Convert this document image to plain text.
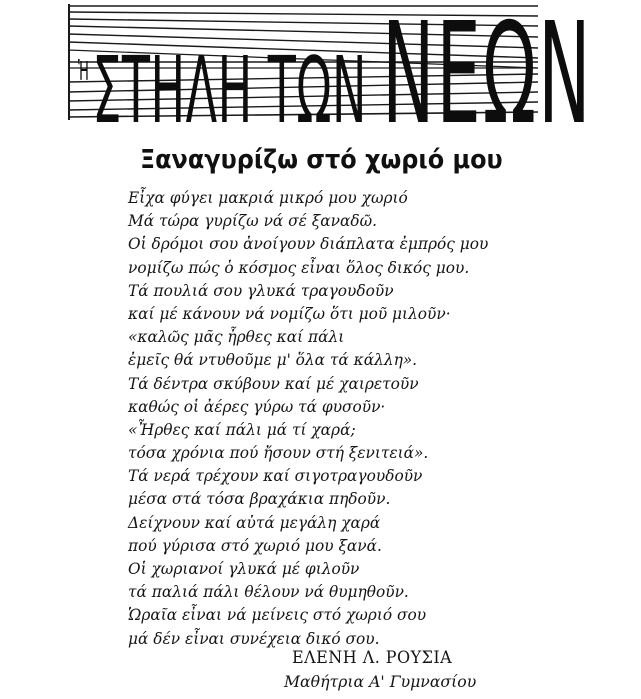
$^Ἡ$ΣΤΗΛΗ ΤΩΝ ΝΕΩΝ
Ξαναγυρίζω στό χωριό μου
Εἶχα φύγει μακριά μικρό μου χωριό
Μά τώρα γυρίζω νά σέ ξαναδῶ.
Οἱ δρόμοι σου ἀνοίγουν διάπλατα ἐμπρός μου
νομίζω πώς ὁ κόσμος εἶναι ὅλος δικός μου.
Τά πουλιά σου γλυκά τραγουδοῦν
καί μέ κάνουν νά νομίζω ὅτι μοῦ μιλοῦν·
«καλῶς μᾶς ἦρθες καί πάλι
ἐμεῖς θά ντυθοῦμε μ' ὅλα τά κάλλη».
Τά δέντρα σκύβουν καί μέ χαιρετοῦν
καθώς οἱ ἀέρες γύρω τά φυσοῦν·
«Ἦρθες καί πάλι μά τί χαρά;
τόσα χρόνια πού ἤσουν στή ξενιτειά».
Τά νερά τρέχουν καί σιγοτραγουδοῦν
μέσα στά τόσα βραχάκια πηδοῦν.
Δείχνουν καί αὐτά μεγάλη χαρά
πού γύρισα στό χωριό μου ξανά.
Οἱ χωριανοί γλυκά μέ φιλοῦν
τά παλιά πάλι θέλουν νά θυμηθοῦν.
Ὡραῖα εἶναι νά μείνεις στό χωριό σου
μά δέν εἶναι συνέχεια δικό σου.
ΕΛΕΝΗ Λ. ΡΟΥΣΙΑ
Μαθήτρια Α' Γυμνασίου
